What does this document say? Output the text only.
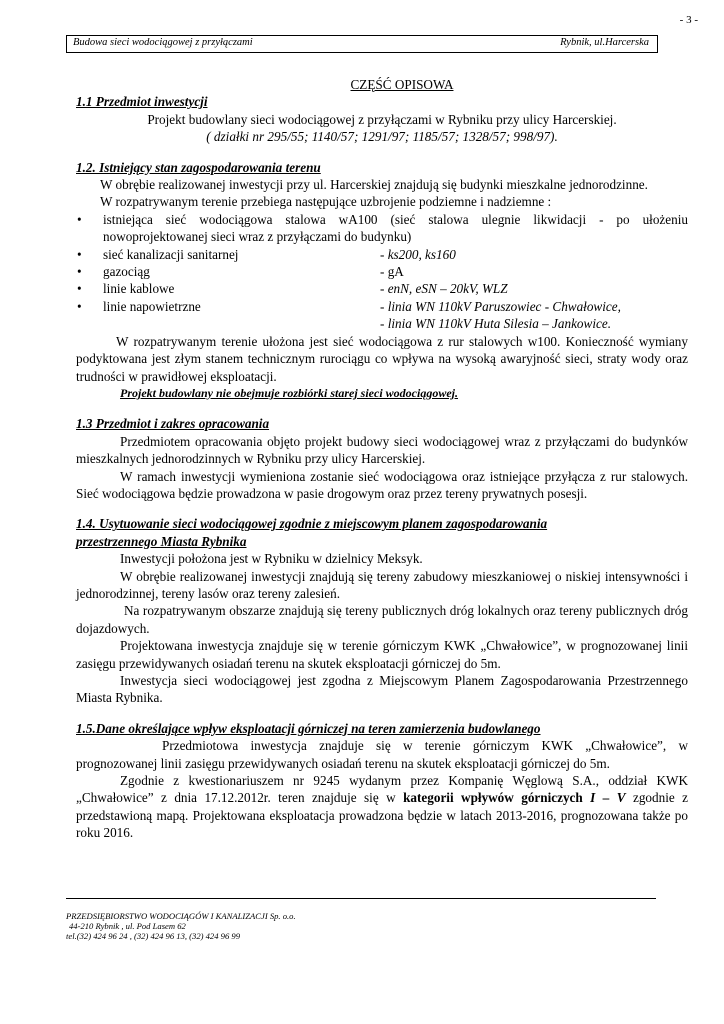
- 3 -
Budowa sieci wodociągowej z przyłączami	Rybnik, ul.Harcerska

CZĘŚĆ OPISOWA

1.1 Przedmiot inwestycji

Projekt budowlany sieci wodociągowej z przyłączami w Rybniku przy ulicy Harcerskiej.

( działki nr 295/55; 1140/57; 1291/97; 1185/57; 1328/57; 998/97).

1.2. Istniejący stan zagospodarowania terenu

W obrębie realizowanej inwestycji przy ul. Harcerskiej znajdują się budynki mieszkalne jednorodzinne.

W rozpatrywanym terenie przebiega następujące uzbrojenie podziemne i nadziemne :

• istniejąca sieć wodociągowa stalowa wA100 (sieć stalowa ulegnie likwidacji - po ułożeniu nowoprojektowanej sieci wraz z przyłączami do budynku)
• sieć kanalizacji sanitarnej	- ks200, ks160
• gazociąg	- gA
• linie kablowe	- enN, eSN – 20kV, WLZ
• linie napowietrzne	- linia WN 110kV Paruszowiec - Chwałowice,

- linia WN 110kV Huta Silesia – Jankowice.

W rozpatrywanym terenie ułożona jest sieć wodociągowa z rur stalowych w100. Konieczność wymiany podyktowana jest złym stanem technicznym rurociągu co wpływa na wysoką awaryjność sieci, straty wody oraz trudności w prawidłowej eksploatacji.

Projekt budowlany nie obejmuje rozbiórki starej sieci wodociągowej.

1.3 Przedmiot i zakres opracowania

Przedmiotem opracowania objęto projekt budowy sieci wodociągowej wraz z przyłączami do budynków mieszkalnych jednorodzinnych w Rybniku przy ulicy Harcerskiej.

W ramach inwestycji wymieniona zostanie sieć wodociągowa oraz istniejące przyłącza z rur stalowych. Sieć wodociągowa będzie prowadzona w pasie drogowym oraz przez tereny prywatnych posesji.

1.4. Usytuowanie sieci wodociągowej zgodnie z miejscowym planem zagospodarowania
przestrzennego Miasta Rybnika

Inwestycji położona jest w Rybniku w dzielnicy Meksyk.

W obrębie realizowanej inwestycji znajdują się tereny zabudowy mieszkaniowej o niskiej intensywności i jednorodzinnej, tereny lasów oraz tereny zalesień.

Na rozpatrywanym obszarze znajdują się tereny publicznych dróg lokalnych oraz tereny publicznych dróg dojazdowych.

Projektowana inwestycja znajduje się w terenie górniczym KWK „Chwałowice”, w prognozowanej linii zasięgu przewidywanych osiadań terenu na skutek eksploatacji górniczej do 5m.

Inwestycja sieci wodociągowej jest zgodna z Miejscowym Planem Zagospodarowania Przestrzennego Miasta Rybnika.

1.5.Dane określające wpływ eksploatacji górniczej na teren zamierzenia budowlanego

Przedmiotowa inwestycja znajduje się w terenie górniczym KWK „Chwałowice”, w prognozowanej linii zasięgu przewidywanych osiadań terenu na skutek eksploatacji górniczej do 5m.

Zgodnie z kwestionariuszem nr 9245 wydanym przez Kompanię Węglową S.A., oddział KWK „Chwałowice” z dnia 17.12.2012r. teren znajduje się w kategorii wpływów górniczych I – V zgodnie z przedstawioną mapą. Projektowana eksploatacja prowadzona będzie w latach 2013-2016, prognozowana także po roku 2016.

PRZEDSIĘBIORSTWO WODOCIĄGÓW I KANALIZACJI Sp. o.o.
44-210 Rybnik , ul. Pod Lasem 62
tel.(32) 424 96 24 , (32) 424 96 13, (32) 424 96 99
